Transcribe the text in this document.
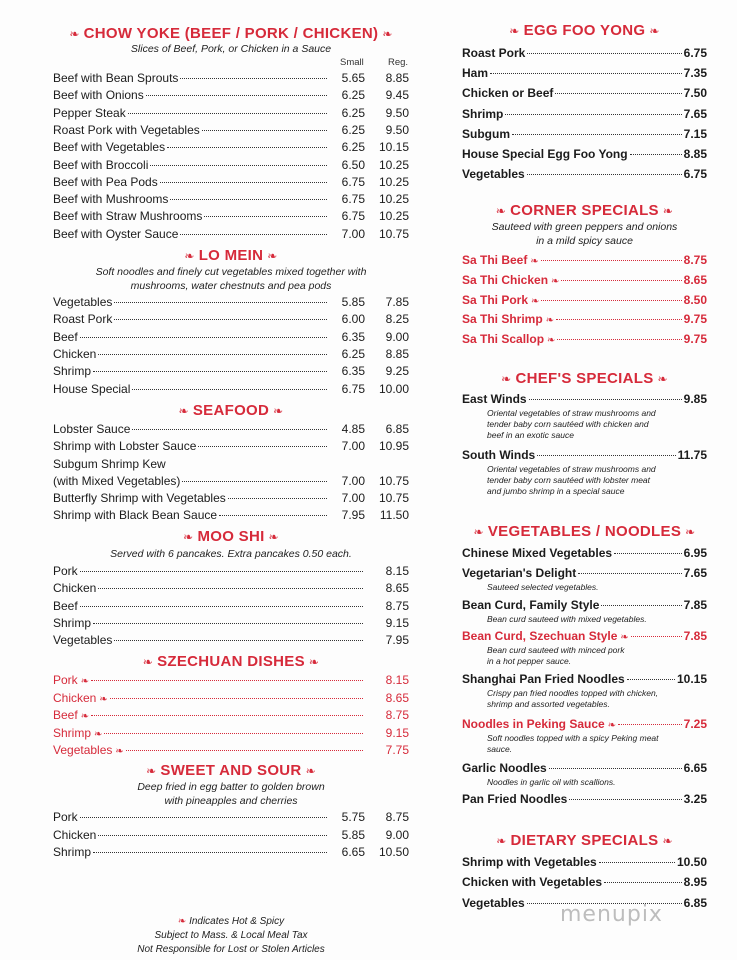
❧ CHOW YOKE (BEEF / PORK / CHICKEN) ❧
Slices of Beef, Pork, or Chicken in a Sauce
Small	Reg.
Beef with Bean Sprouts	5.65	8.85
Beef with Onions	6.25	9.45
Pepper Steak	6.25	9.50
Roast Pork with Vegetables	6.25	9.50
Beef with Vegetables	6.25	10.15
Beef with Broccoli	6.50	10.25
Beef with Pea Pods	6.75	10.25
Beef with Mushrooms	6.75	10.25
Beef with Straw Mushrooms	6.75	10.25
Beef with Oyster Sauce	7.00	10.75
❧ LO MEIN ❧
Soft noodles and finely cut vegetables mixed together with
mushrooms, water chestnuts and pea pods
Vegetables	5.85	7.85
Roast Pork	6.00	8.25
Beef	6.35	9.00
Chicken	6.25	8.85
Shrimp	6.35	9.25
House Special	6.75	10.00
❧ SEAFOOD ❧
Lobster Sauce	4.85	6.85
Shrimp with Lobster Sauce	7.00	10.95
Subgum Shrimp Kew
(with Mixed Vegetables)	7.00	10.75
Butterfly Shrimp with Vegetables	7.00	10.75
Shrimp with Black Bean Sauce	7.95	11.50
❧ MOO SHI ❧
Served with 6 pancakes. Extra pancakes 0.50 each.
Pork	8.15
Chicken	8.65
Beef	8.75
Shrimp	9.15
Vegetables	7.95
❧ SZECHUAN DISHES ❧
Pork ❧	8.15
Chicken ❧	8.65
Beef ❧	8.75
Shrimp ❧	9.15
Vegetables ❧	7.75
❧ SWEET AND SOUR ❧
Deep fried in egg batter to golden brown
with pineapples and cherries
Pork	5.75	8.75
Chicken	5.85	9.00
Shrimp	6.65	10.50
❧ Indicates Hot & Spicy
Subject to Mass. & Local Meal Tax
Not Responsible for Lost or Stolen Articles
❧ EGG FOO YONG ❧
Roast Pork	6.75
Ham	7.35
Chicken or Beef	7.50
Shrimp	7.65
Subgum	7.15
House Special Egg Foo Yong	8.85
Vegetables	6.75
❧ CORNER SPECIALS ❧
Sauteed with green peppers and onions
in a mild spicy sauce
Sa Thi Beef ❧	8.75
Sa Thi Chicken ❧	8.65
Sa Thi Pork ❧	8.50
Sa Thi Shrimp ❧	9.75
Sa Thi Scallop ❧	9.75
❧ CHEF'S SPECIALS ❧
East Winds	9.85
Oriental vegetables of straw mushrooms and
tender baby corn sautéed with chicken and
beef in an exotic sauce
South Winds	11.75
Oriental vegetables of straw mushrooms and
tender baby corn sautéed with lobster meat
and jumbo shrimp in a special sauce
❧ VEGETABLES / NOODLES ❧
Chinese Mixed Vegetables	6.95
Vegetarian's Delight	7.65
Sauteed selected vegetables.
Bean Curd, Family Style	7.85
Bean curd sauteed with mixed vegetables.
Bean Curd, Szechuan Style ❧	7.85
Bean curd sauteed with minced pork
in a hot pepper sauce.
Shanghai Pan Fried Noodles	10.15
Crispy pan fried noodles topped with chicken,
shrimp and assorted vegetables.
Noodles in Peking Sauce ❧	7.25
Soft noodles topped with a spicy Peking meat
sauce.
Garlic Noodles	6.65
Noodles in garlic oil with scallions.
Pan Fried Noodles	3.25
❧ DIETARY SPECIALS ❧
Shrimp with Vegetables	10.50
Chicken with Vegetables	8.95
Vegetables	6.85
menupix
